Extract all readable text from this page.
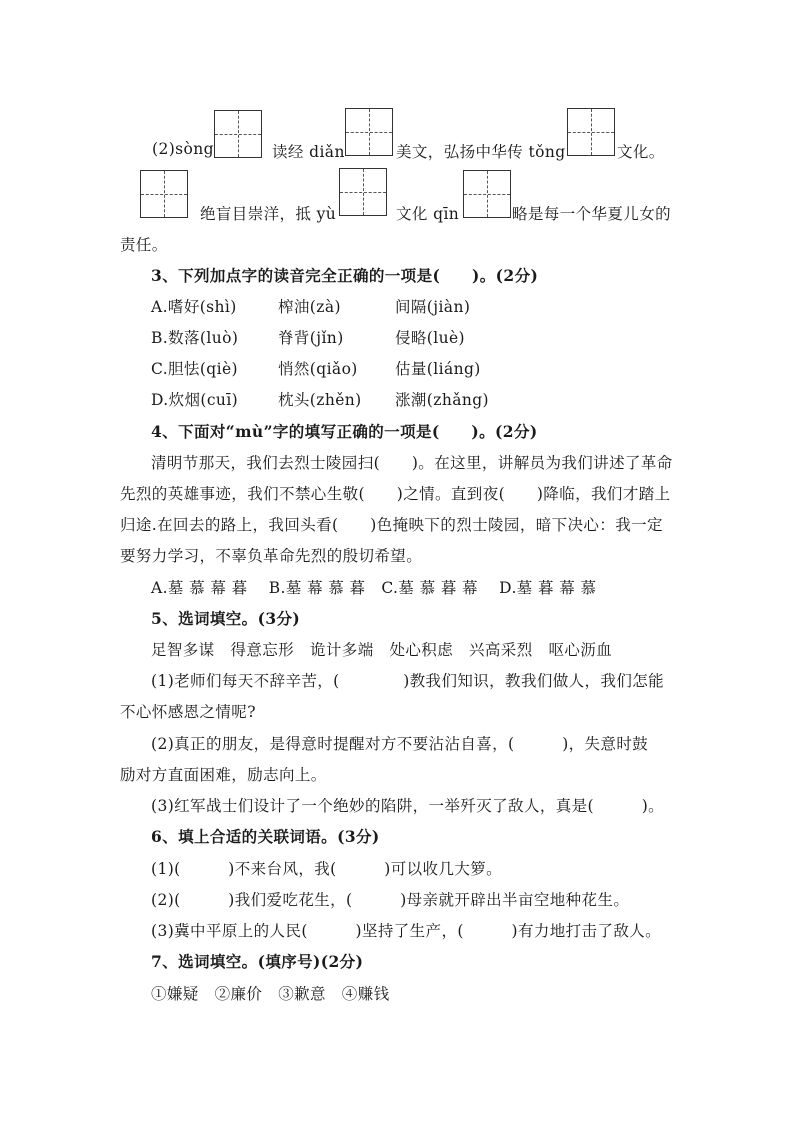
(2)sòng	读经 diǎn	美文，弘扬中华传 tǒng	文化。
绝盲目崇洋，抵 yù	文化 qīn	略是每一个华夏儿女的
责任。
3、下列加点字的读音完全正确的一项是(　　)。(2分)
A.嗜好(shì)	榨油(zà)	间隔(jiàn)
B.数落(luò)	脊背(jǐn)	侵略(luè)
C.胆怯(qiè)	悄然(qiǎo) 估量(liáng)
D.炊烟(cuī)	枕头(zhěn) 涨潮(zhǎng)
4、下面对“mù”字的填写正确的一项是(　　)。(2分)
清明节那天，我们去烈士陵园扫(　　)。在这里，讲解员为我们讲述了革命
先烈的英雄事迹，我们不禁心生敬(　　)之情。直到夜(　　)降临，我们才踏上
归途.在回去的路上，我回头看(　　)色掩映下的烈士陵园，暗下决心：我一定
要努力学习，不辜负革命先烈的殷切希望。
A.墓 慕 幕 暮　 B.墓 幕 慕 暮　C.墓 慕 暮 幕　 D.墓 暮 幕 慕
5、选词填空。(3分)
足智多谋　得意忘形　诡计多端　处心积虑　兴高采烈　呕心沥血
(1)老师们每天不辞辛苦，(　　　　)教我们知识，教我们做人，我们怎能
不心怀感恩之情呢?
(2)真正的朋友，是得意时提醒对方不要沾沾自喜，(　　　)，失意时鼓
励对方直面困难，励志向上。
(3)红军战士们设计了一个绝妙的陷阱，一举歼灭了敌人，真是(　　　)。
6、填上合适的关联词语。(3分)
(1)(　　　)不来台风，我(　　　)可以收几大箩。
(2)(　　　)我们爱吃花生，(　　　)母亲就开辟出半亩空地种花生。
(3)冀中平原上的人民(　　　)坚持了生产，(　　　)有力地打击了敌人。
7、选词填空。(填序号)(2分)
①嫌疑　②廉价　③歉意　④赚钱
